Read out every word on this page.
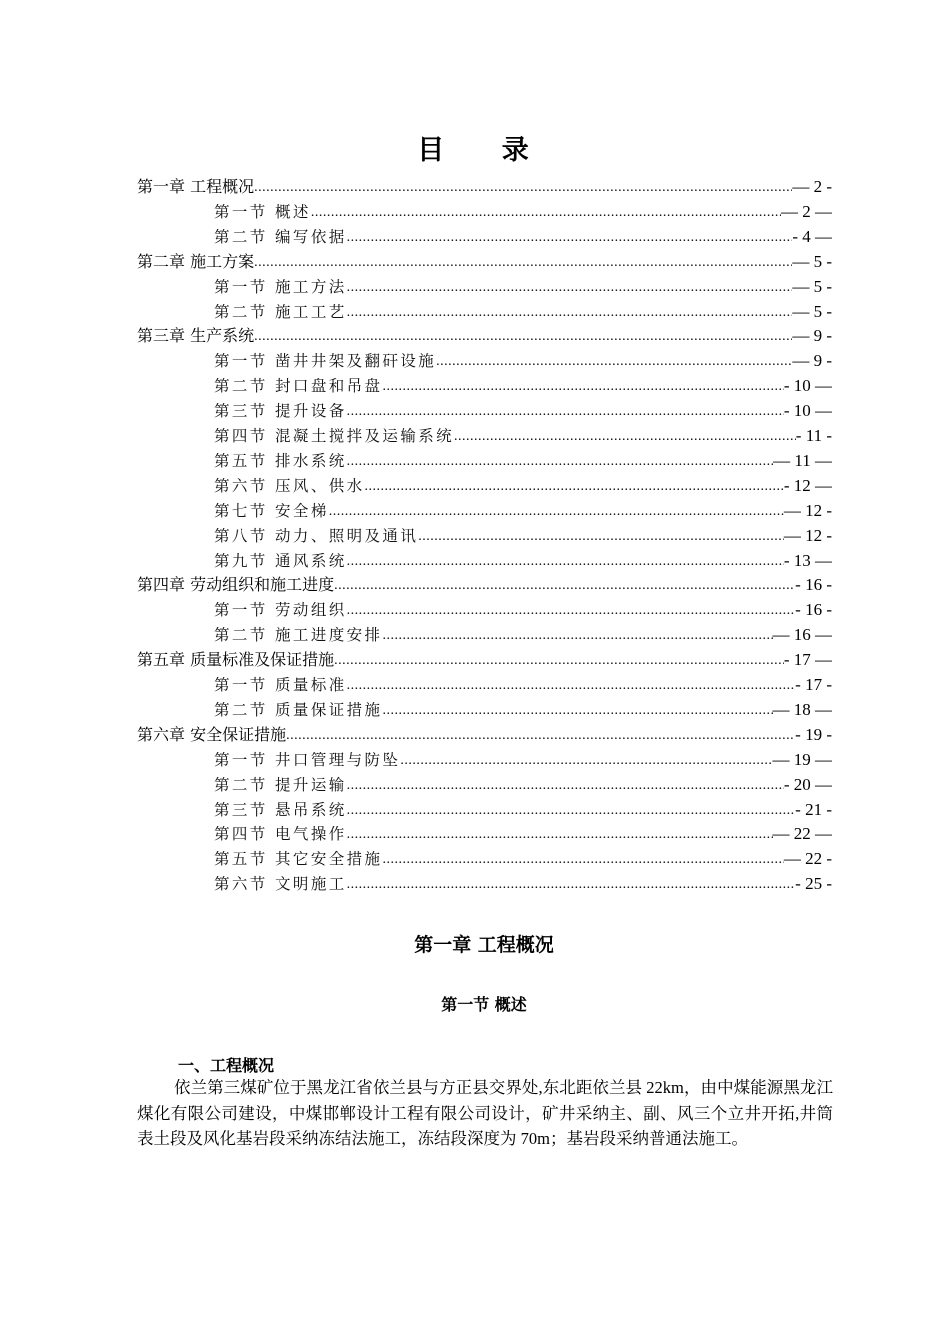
目 录
第一章 工程概况 .....	— 2 -
第一节 概述 .....	— 2 —
第二节 编写依据 .....	- 4 —
第二章 施工方案 .....	— 5 -
第一节 施工方法 .....	— 5 -
第二节 施工工艺 .....	— 5 -
第三章 生产系统 .....	— 9 -
第一节 凿井井架及翻矸设施 .....	— 9 -
第二节 封口盘和吊盘 .....	- 10 —
第三节 提升设备 .....	- 10 —
第四节 混凝土搅拌及运输系统 .....	- 11 -
第五节 排水系统 .....	— 11 —
第六节 压风、供水 .....	- 12 —
第七节 安全梯 .....	— 12 -
第八节 动力、照明及通讯 .....	— 12 -
第九节 通风系统 .....	- 13 —
第四章 劳动组织和施工进度 .....	- 16 -
第一节 劳动组织 .....	- 16 -
第二节 施工进度安排 .....	— 16 —
第五章 质量标准及保证措施 .....	- 17 —
第一节 质量标准 .....	- 17 -
第二节 质量保证措施 .....	— 18 —
第六章 安全保证措施 .....	- 19 -
第一节 井口管理与防坠 .....	— 19 —
第二节 提升运输 .....	- 20 —
第三节 悬吊系统 .....	- 21 -
第四节 电气操作 .....	— 22 —
第五节 其它安全措施 .....	— 22 -
第六节 文明施工 .....	- 25 -
第一章 工程概况
第一节 概述
一、工程概况
依兰第三煤矿位于黑龙江省依兰县与方正县交界处,东北距依兰县 22km，由中煤能源黑龙江煤化有限公司建设，中煤邯郸设计工程有限公司设计，矿井采纳主、副、风三个立井开拓,井筒表土段及风化基岩段采纳冻结法施工，冻结段深度为 70m；基岩段采纳普通法施工。
